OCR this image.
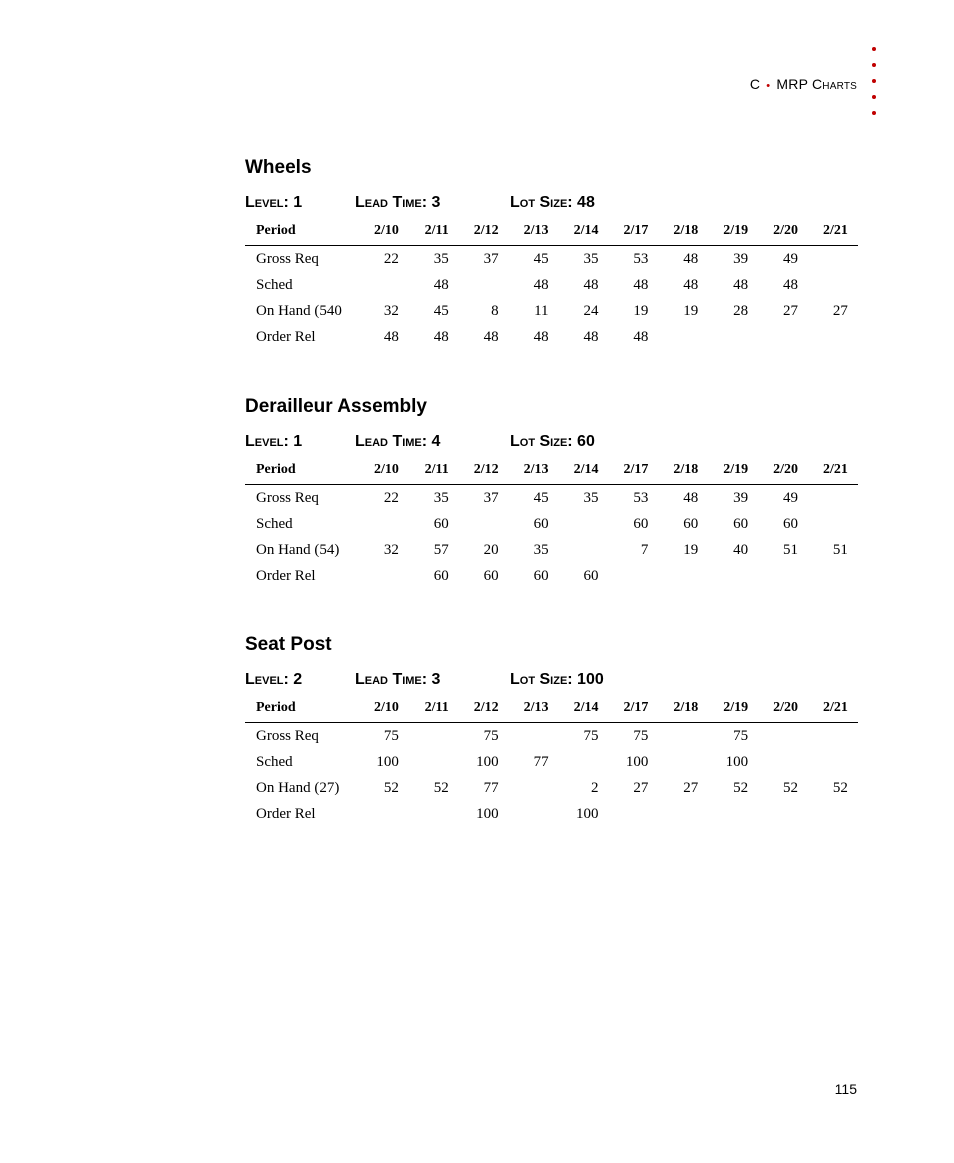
C • MRP Charts
Wheels
Level: 1	Lead Time: 3	Lot Size: 48
Period	2/10	2/11	2/12	2/13	2/14	2/17	2/18	2/19	2/20	2/21
Gross Req	22	35	37	45	35	53	48	39	49	
Sched		48		48	48	48	48	48	48	
On Hand (540	32	45	8	11	24	19	19	28	27	27
Order Rel	48	48	48	48	48	48				
Derailleur Assembly
Level: 1	Lead Time: 4	Lot Size: 60
Period	2/10	2/11	2/12	2/13	2/14	2/17	2/18	2/19	2/20	2/21
Gross Req	22	35	37	45	35	53	48	39	49	
Sched		60		60		60	60	60	60	
On Hand (54)	32	57	20	35		7	19	40	51	51
Order Rel		60	60	60	60					
Seat Post
Level: 2	Lead Time: 3	Lot Size: 100
Period	2/10	2/11	2/12	2/13	2/14	2/17	2/18	2/19	2/20	2/21
Gross Req	75		75		75	75		75		
Sched	100		100	77		100		100		
On Hand (27)	52	52	77		2	27	27	52	52	52
Order Rel			100		100					
115
